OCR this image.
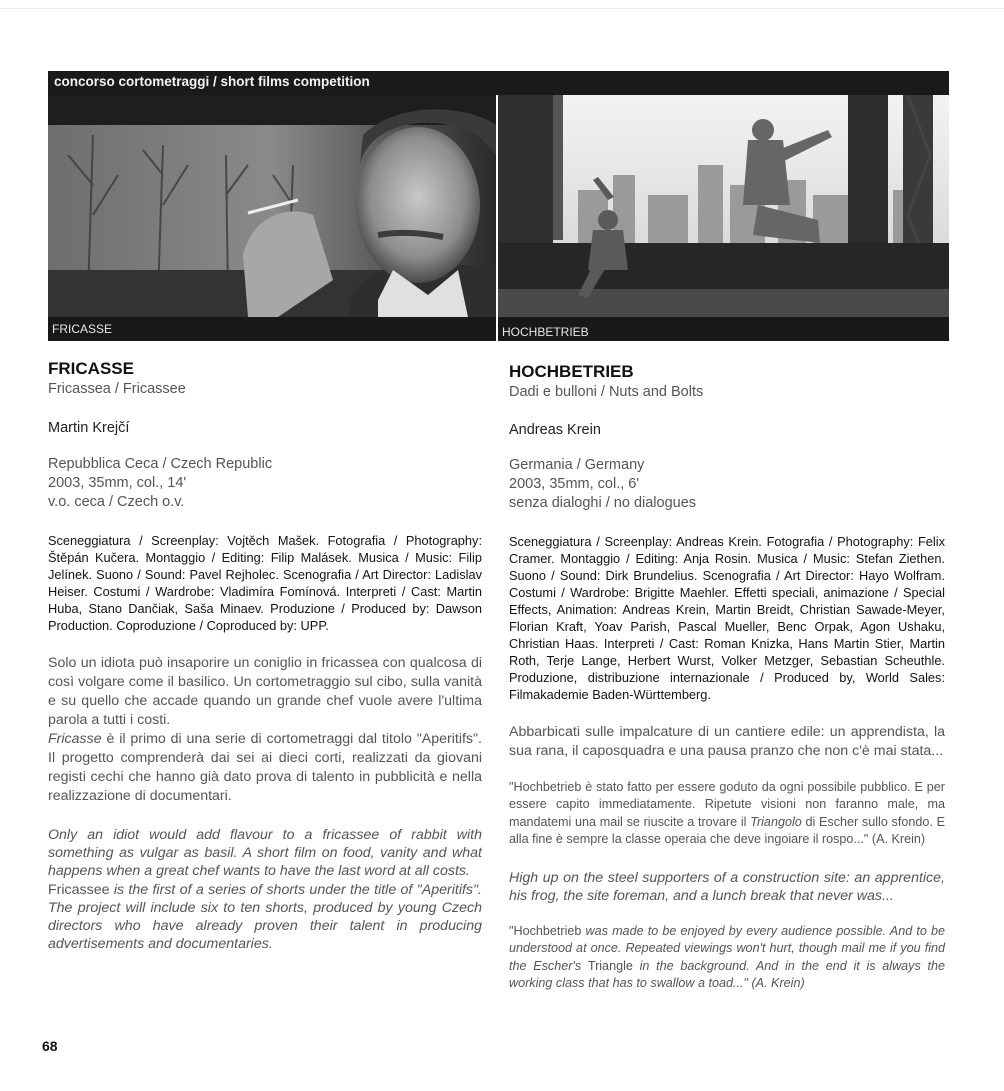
concorso cortometraggi / short films competition
FRICASSE	HOCHBETRIEB
FRICASSE
Fricassea / Fricassee
Martin Krejčí
Repubblica Ceca / Czech Republic
2003, 35mm, col., 14'
v.o. ceca / Czech o.v.
Sceneggiatura / Screenplay: Vojtěch Mašek. Fotografia / Photography: Štěpán Kučera. Montaggio / Editing: Filip Malásek. Musica / Music: Filip Jelínek. Suono / Sound: Pavel Rejholec. Scenografia / Art Director: Ladislav Heiser. Costumi / Wardrobe: Vladimíra Fomínová. Interpreti / Cast: Martin Huba, Stano Dančiak, Saša Minaev. Produzione / Produced by: Dawson Production. Coproduzione / Coproduced by: UPP.

Solo un idiota può insaporire un coniglio in fricassea con qualcosa di così volgare come il basilico. Un cortometraggio sul cibo, sulla vanità e su quello che accade quando un grande chef vuole avere l'ultima parola a tutti i costi.

Fricasse è il primo di una serie di cortometraggi dal titolo "Aperitifs". Il progetto comprenderà dai sei ai dieci corti, realizzati da giovani registi cechi che hanno già dato prova di talento in pubblicità e nella realizzazione di documentari.

Only an idiot would add flavour to a fricassee of rabbit with something as vulgar as basil. A short film on food, vanity and what happens when a great chef wants to have the last word at all costs.
Fricassee is the first of a series of shorts under the title of "Aperitifs". The project will include six to ten shorts, produced by young Czech directors who have already proven their talent in producing advertisements and documentaries.
HOCHBETRIEB
Dadi e bulloni / Nuts and Bolts
Andreas Krein
Germania / Germany
2003, 35mm, col., 6'
senza dialoghi / no dialogues
Sceneggiatura / Screenplay: Andreas Krein. Fotografia / Photography: Felix Cramer. Montaggio / Editing: Anja Rosin. Musica / Music: Stefan Ziethen. Suono / Sound: Dirk Brundelius. Scenografia / Art Director: Hayo Wolfram. Costumi / Wardrobe: Brigitte Maehler. Effetti speciali, animazione / Special Effects, Animation: Andreas Krein, Martin Breidt, Christian Sawade-Meyer, Florian Kraft, Yoav Parish, Pascal Mueller, Benc Orpak, Agon Ushaku, Christian Haas. Interpreti / Cast: Roman Knizka, Hans Martin Stier, Martin Roth, Terje Lange, Herbert Wurst, Volker Metzger, Sebastian Scheuthle. Produzione, distribuzione internazionale / Produced by, World Sales: Filmakademie Baden-Württemberg.

Abbarbicati sulle impalcature di un cantiere edile: un apprendista, la sua rana, il caposquadra e una pausa pranzo che non c'è mai stata...

"Hochbetrieb è stato fatto per essere goduto da ogni possibile pubblico. E per essere capito immediatamente. Ripetute visioni non faranno male, ma mandatemi una mail se riuscite a trovare il Triangolo di Escher sullo sfondo. E alla fine è sempre la classe operaia che deve ingoiare il rospo..." (A. Krein)
High up on the steel supporters of a construction site: an apprentice, his frog, the site foreman, and a lunch break that never was...
"Hochbetrieb was made to be enjoyed by every audience possible. And to be understood at once. Repeated viewings won't hurt, though mail me if you find the Escher's Triangle in the background. And in the end it is always the working class that has to swallow a toad..." (A. Krein)
68
